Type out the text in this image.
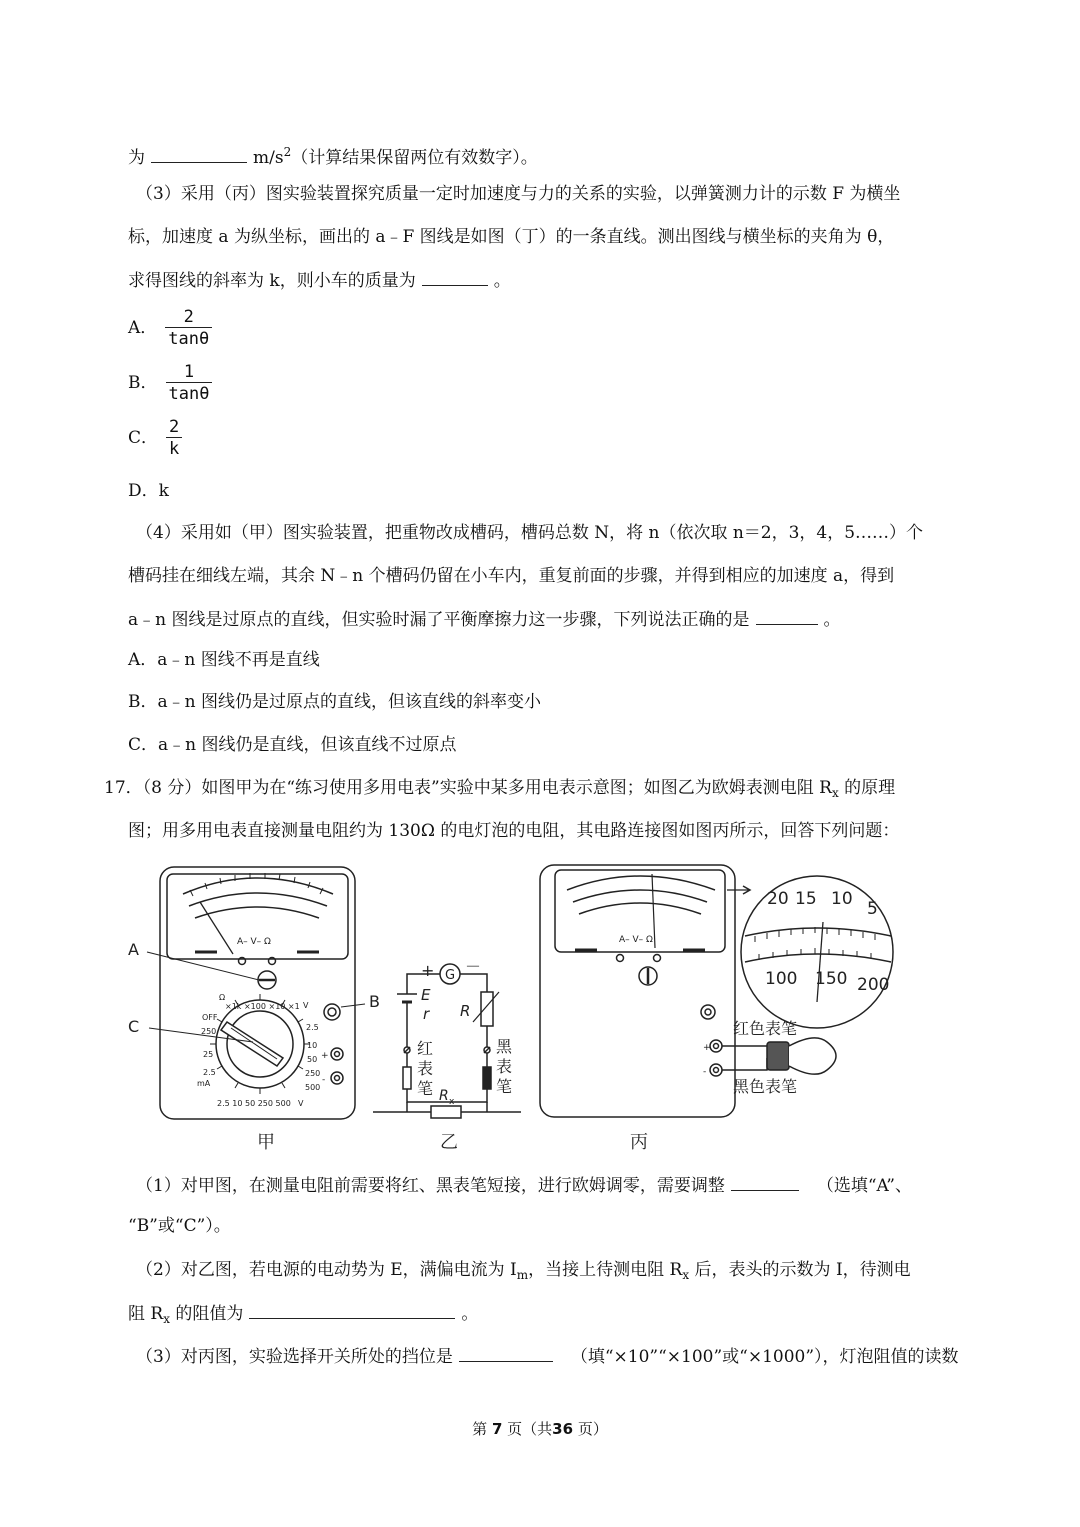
为	$m/s^2$（计算结果保留两位有效数字）。
（3）采用（丙）图实验装置探究质量一定时加速度与力的关系的实验，以弹簧测力计的示数 F 为横坐
标，加速度 a 为纵坐标，画出的 a﹣F 图线是如图（丁）的一条直线。测出图线与横坐标的夹角为 θ，
求得图线的斜率为 k，则小车的质量为	。
A． $\frac{2}{\tan\theta}$
B． $\frac{1}{\tan\theta}$
C． $\frac{2}{k}$
D．k
（4）采用如（甲）图实验装置，把重物改成槽码，槽码总数 N，将 n（依次取 n＝2，3，4，5……）个
槽码挂在细线左端，其余 N﹣n 个槽码仍留在小车内，重复前面的步骤，并得到相应的加速度 a，得到
a﹣n 图线是过原点的直线，但实验时漏了平衡摩擦力这一步骤，下列说法正确的是	。
A．a﹣n 图线不再是直线
B．a﹣n 图线仍是过原点的直线，但该直线的斜率变小
C．a﹣n 图线仍是直线，但该直线不过原点
17．（8 分）如图甲为在“练习使用多用电表”实验中某多用电表示意图；如图乙为欧姆表测电阻 $R_x$ 的原理
图；用多用电表直接测量电阻约为 130Ω 的电灯泡的电阻，其电路连接图如图丙所示，回答下列问题：
A– V– Ω
×1k ×100 ×10 ×1
Ω
OFF
250
25
2.5
mA
V
2.5
10
50
250
500
2.5 10 50 250 500 V
+
-
A
B
C
G
+ －
E
r R
红
表
笔
黑
表
笔
R x
A– V– Ω
+
-
红色表笔
黑色表笔
20 15 10 5
100 150 200
甲	乙	丙
（1）对甲图，在测量电阻前需要将红、黑表笔短接，进行欧姆调零，需要调整	（选填“A”、
“B”或“C”）。
（2）对乙图，若电源的电动势为 E，满偏电流为 $I_m$，当接上待测电阻 $R_x$ 后，表头的示数为 I，待测电
阻 $R_x$ 的阻值为	。
（3）对丙图，实验选择开关所处的挡位是	（填“×10”“×100”或“×1000”），灯泡阻值的读数
第 7 页（共36 页）
